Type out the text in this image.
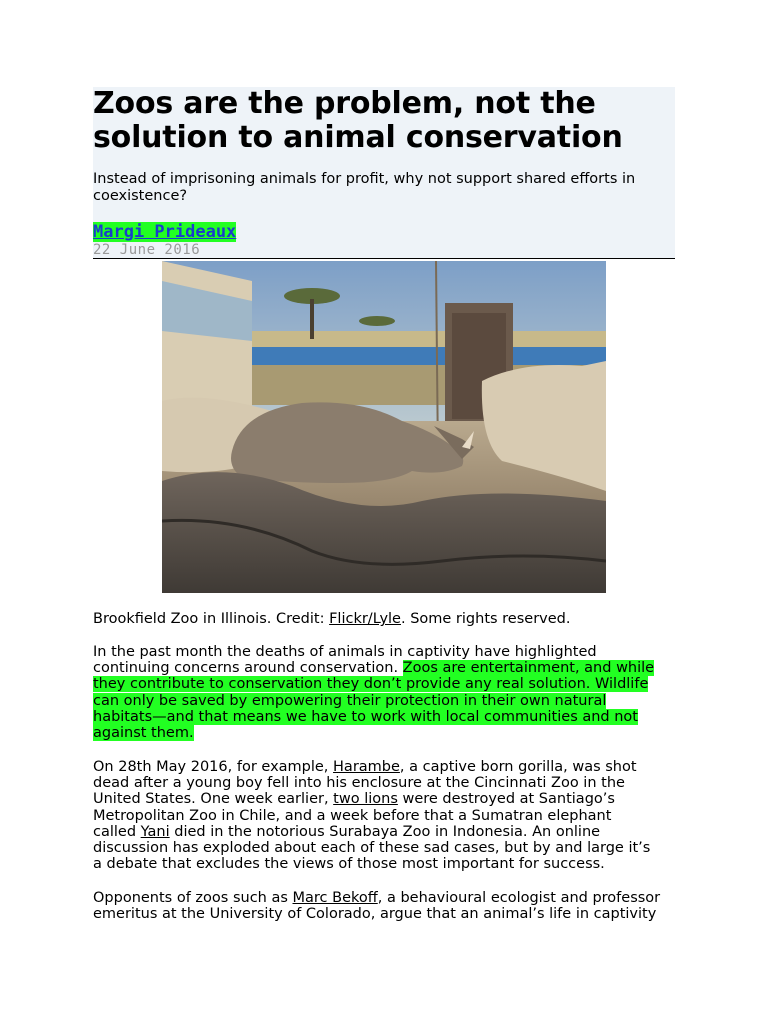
Zoos are the problem, not the
solution to animal conservation

Instead of imprisoning animals for profit, why not support shared efforts in
coexistence?

Margi Prideaux
22 June 2016
Brookfield Zoo in Illinois. Credit: Flickr/Lyle. Some rights reserved.
In the past month the deaths of animals in captivity have highlighted
continuing concerns around conservation. Zoos are entertainment, and while
they contribute to conservation they don’t provide any real solution. Wildlife
can only be saved by empowering their protection in their own natural
habitats—and that means we have to work with local communities and not
against them.
On 28th May 2016, for example, Harambe, a captive born gorilla, was shot
dead after a young boy fell into his enclosure at the Cincinnati Zoo in the
United States. One week earlier, two lions were destroyed at Santiago’s
Metropolitan Zoo in Chile, and a week before that a Sumatran elephant
called Yani died in the notorious Surabaya Zoo in Indonesia. An online
discussion has exploded about each of these sad cases, but by and large it’s
a debate that excludes the views of those most important for success.
Opponents of zoos such as Marc Bekoff, a behavioural ecologist and professor
emeritus at the University of Colorado, argue that an animal’s life in captivity
